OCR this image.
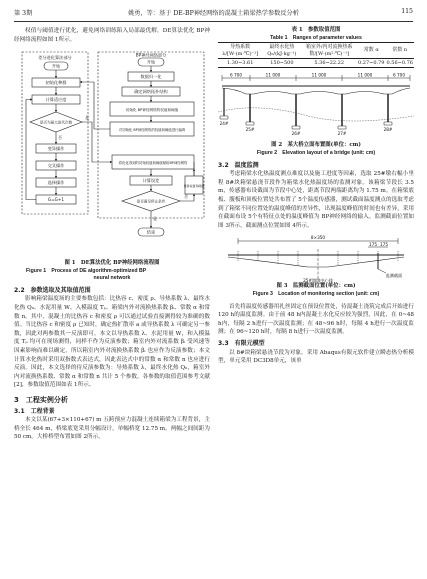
第 3期	姚勇，等：基于 DE-BP神经网络的混凝土箱梁热学参数反分析	115

权值与阈值进行优化，避免网络训练陷入局部最优解，DE算法优化 BP神经网络流程如图 1所示。

差分进化算法部分	BP神经网络部分
开始
初始化种群
计算适应度
是否为最大迭代次数
变异操作
交叉操作
选择操作
G=G+1
开始
数据归一化
确定网络拓扑结构
初始化 BP神经网络的权值和阈值
对初始化 BP神经网络的权值和阈值进行编码
将优化得到的初始权值和阈值赋给BP神经网络
计算误差
是否满足停止条件
结束
更新权值和阈值
是
否
是
否

图 1　DE算法优化 BP神经网络流程图

Figure 1　Process of DE algorithm-optimized BP

neural network

2.2　参数选取及其取值范围

影响箱梁温度场的主要参数包括：比热容 c、密度 ρ、导热系数 λ、最终水化热 Q₀、水泥用量 W、入模温度 Tₚ、箱梁内外对流换热系数 βᵢ、常数 α 和常数 n。其中，混凝土的比热容 c 和密度 ρ 可以通过试验直接测得较为准确的数值。当比热容 c 和密度 ρ 已知时，确定热扩散率 a 或导热系数 λ 可确定另一参数，因此对两参数其一反演即可。本文以导热系数 λ、水泥用量 W，和入模温度 Tₚ 均可在现场测得，同样不作为反演参数；箱室内外对流系数 βᵢ 受风速等因素影响而难以确定，所以箱室内外对流换热系数 βᵢ 也应作为反演参数；本文计算水化热时采用双指数式表达式，因此表达式中的常数 α 和常数 n 也应进行反演。因此，本文选择的待反演参数为：导热系数 λ，最终水化热 Q₀，箱室外内对流换热系数、常数 α 和常数 n 共计 5 个参数。各参数的取值范围参考文献[2]，参数取值范围如表 1所示。

3　工程实例分析

3.1　工程背景

本文以某(67+3×110+67) m 五跨预应力混凝土连续箱梁为工程背景，主桥全长 464 m，桥梁底宽采用分幅设计，单幅桥宽 12.75 m，两幅之间间距为 50 cm。大桥桥型布置如图 2所示。

表 1　参数取值范围

Table 1　Ranges of parameter values

导热系数 λ/[W·(m·℃)⁻¹]	最终水化热 Q₀/(kJ·kg⁻¹)	箱室外/内对流换热系数/[W·(m²·℃)⁻¹]	常数 α	常数 n
1.30~3.61	150~500	5.36~22.22	0.27~0.79	0.56~0.76
6 700	11 000	11 000	11 000	6 700
24#
25#
26#	27#
28#

图 2　某大桥立面布置图(单位：cm)

Figure 2　Elevation layout of a bridge (unit: cm)

3.2　温度监测

考虑箱梁水化热温度测点难度以及施工进度等因素，选取 25#墩右幅小里程 8#块箱梁悬浇节段作为箱梁水化热温度场的监测对象。该箱梁节段长 3.5 m，传感器布设截面为节段中心处，距离节段两端距离均为 1.75 m。在箱梁底板、腹板和顶板位置处共布置了 5个温度传感器，测试截面温度测点的选取考虑到了箱梁不同位置处的温度峰值的差异性，出现温度峰值的时间也有差异，采用在截面布设 5个有特征点处的温度峰值为 BP神经网络的输入。监测截面位置如图 3所示，截面测点位置如图 4所示。

8×350
175 175
25#墩墩中心线
监测截面

图 3　监测截面位置(单位：cm)

Figure 3　Location of monitoring section (unit: cm)

首先将温度传感器用扎丝固定在预设位置处，待混凝土浇筑完成后开始进行 120 h的温度监测。由于前 48 h内混凝土水化反应较为强烈，因此，在 0~48 h内，每隔 2 h进行一次温度监测；在 48~96 h时，每隔 4 h进行一次温度监测；在 96~120 h时，每隔 8 h进行一次温度监测。

3.3　有限元模型

以 8#块箱梁悬浇节段为对象，采用 Abaqus有限元软件建立瞬态热分析模型，单元采用 DC3D8单元，该单
